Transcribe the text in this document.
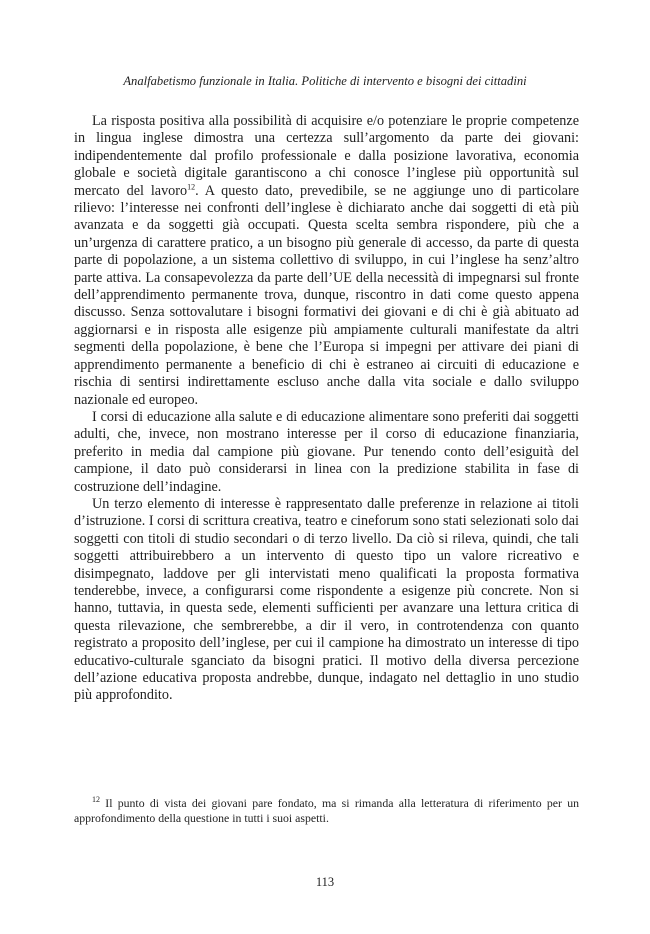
Analfabetismo funzionale in Italia. Politiche di intervento e bisogni dei cittadini

La risposta positiva alla possibilità di acquisire e/o potenziare le proprie competenze in lingua inglese dimostra una certezza sull’argomento da parte dei giovani: indipendentemente dal profilo professionale e dalla posizione lavorativa, economia globale e società digitale garantiscono a chi conosce l’inglese più opportunità sul mercato del lavoro$^{12}$. A questo dato, prevedibile, se ne aggiunge uno di particolare rilievo: l’interesse nei confronti dell’inglese è dichiarato anche dai soggetti di età più avanzata e da soggetti già occupati. Questa scelta sembra rispondere, più che a un’urgenza di carattere pratico, a un bisogno più generale di accesso, da parte di questa parte di popolazione, a un sistema collettivo di sviluppo, in cui l’inglese ha senz’altro parte attiva. La consapevolezza da parte dell’UE della necessità di impegnarsi sul fronte dell’apprendimento permanente trova, dunque, riscontro in dati come questo appena discusso. Senza sottovalutare i bisogni formativi dei giovani e di chi è già abituato ad aggiornarsi e in risposta alle esigenze più ampiamente culturali manifestate da altri segmenti della popolazione, è bene che l’Europa si impegni per attivare dei piani di apprendimento permanente a beneficio di chi è estraneo ai circuiti di educazione e rischia di sentirsi indirettamente escluso anche dalla vita sociale e dallo sviluppo nazionale ed europeo.

I corsi di educazione alla salute e di educazione alimentare sono preferiti dai soggetti adulti, che, invece, non mostrano interesse per il corso di educazione finanziaria, preferito in media dal campione più giovane. Pur tenendo conto dell’esiguità del campione, il dato può considerarsi in linea con la predizione stabilita in fase di costruzione dell’indagine.

Un terzo elemento di interesse è rappresentato dalle preferenze in relazione ai titoli d’istruzione. I corsi di scrittura creativa, teatro e cineforum sono stati selezionati solo dai soggetti con titoli di studio secondari o di terzo livello. Da ciò si rileva, quindi, che tali soggetti attribuirebbero a un intervento di questo tipo un valore ricreativo e disimpegnato, laddove per gli intervistati meno qualificati la proposta formativa tenderebbe, invece, a configurarsi come rispondente a esigenze più concrete. Non si hanno, tuttavia, in questa sede, elementi sufficienti per avanzare una lettura critica di questa rilevazione, che sembrerebbe, a dir il vero, in controtendenza con quanto registrato a proposito dell’inglese, per cui il campione ha dimostrato un interesse di tipo educativo-culturale sganciato da bisogni pratici. Il motivo della diversa percezione dell’azione educativa proposta andrebbe, dunque, indagato nel dettaglio in uno studio più approfondito.

$^{12}$ Il punto di vista dei giovani pare fondato, ma si rimanda alla letteratura di riferimento per un approfondimento della questione in tutti i suoi aspetti.
113
